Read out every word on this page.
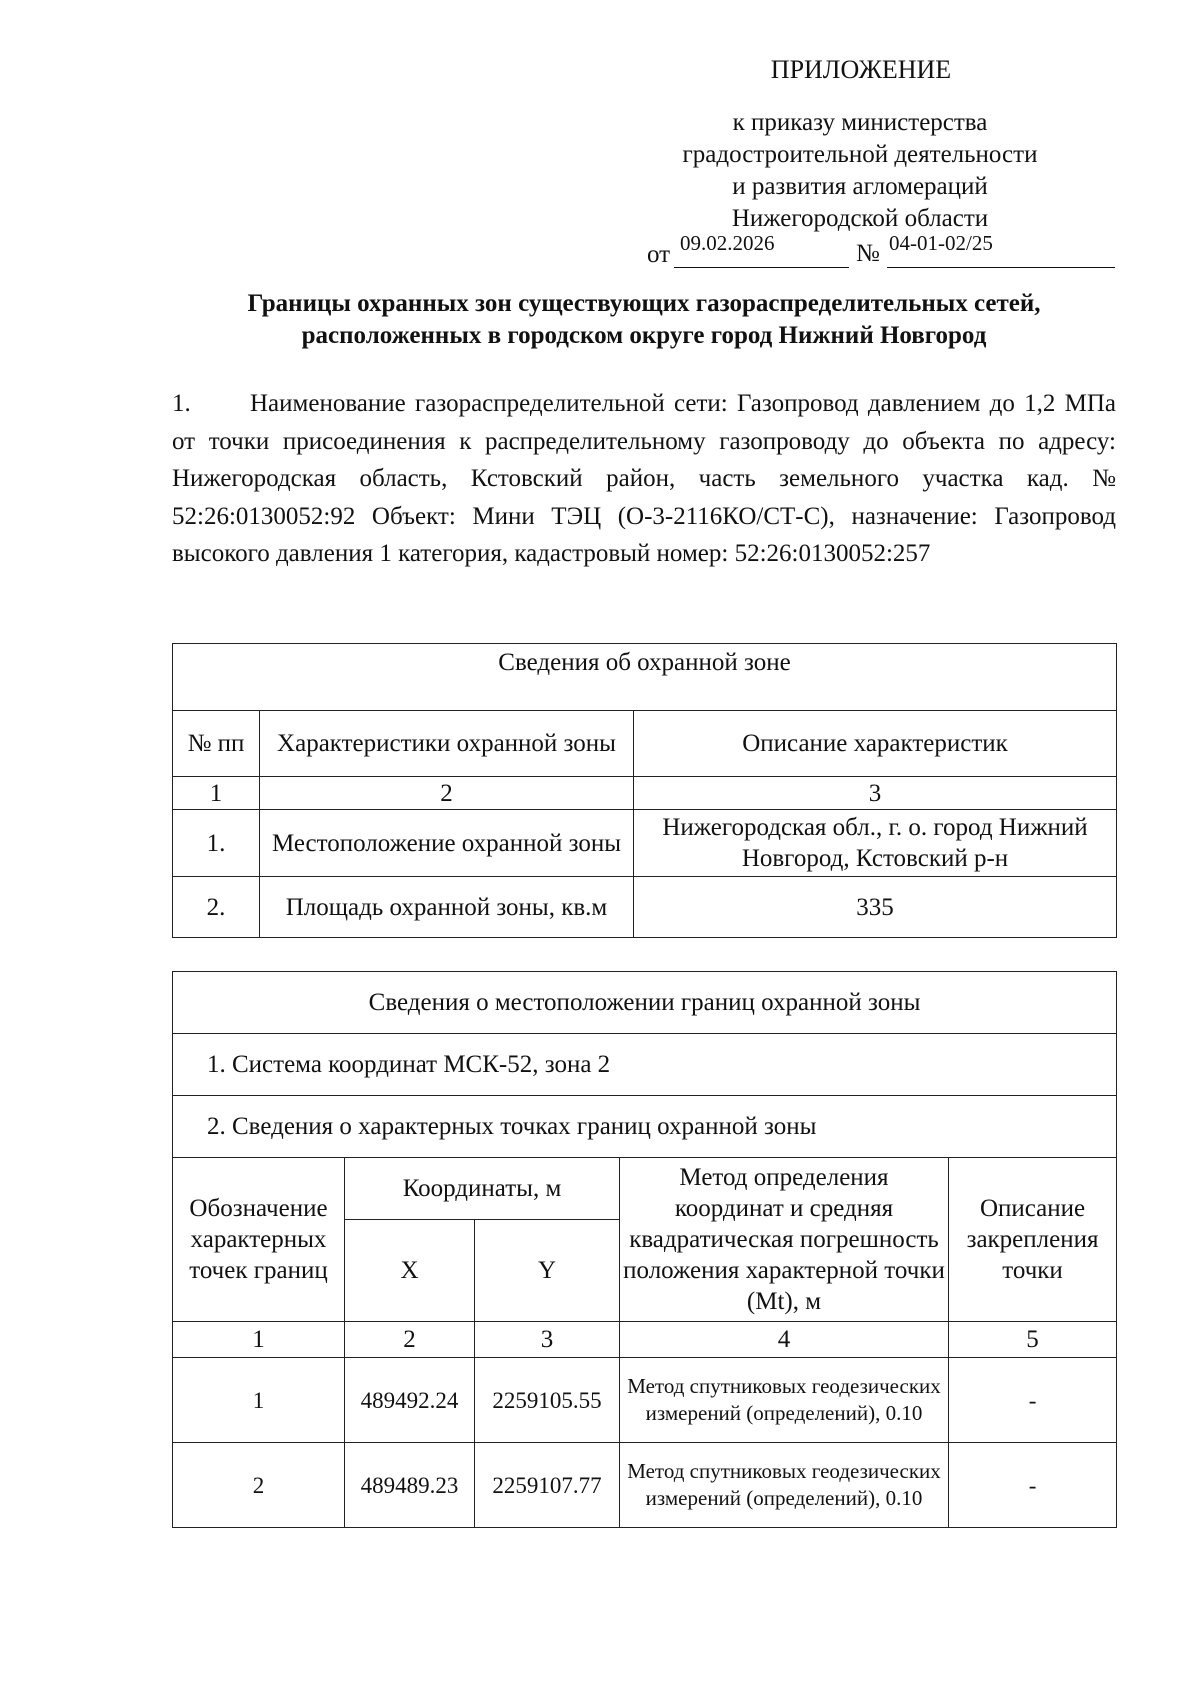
ПРИЛОЖЕНИЕ
к приказу министерства
градостроительной деятельности
и развития агломераций
Нижегородской области
от 09.02.2026	№ 04-01-02/25
Границы охранных зон существующих газораспределительных сетей,
расположенных в городском округе город Нижний Новгород
1. Наименование газораспределительной сети: Газопровод давлением до 1,2 МПа от точки присоединения к распределительному газопроводу до объекта по адресу: Нижегородская область, Кстовский район, часть земельного участка кад. № 52:26:0130052:92 Объект: Мини ТЭЦ (О-3-2116КО/СТ-С), назначение: Газопровод высокого давления 1 категория, кадастровый номер: 52:26:0130052:257
Сведения об охранной зоне		
№ пп	Характеристики охранной зоны	Описание характеристик
1	2	3
1.	Местоположение охранной зоны	Нижегородская обл., г. о. город Нижний Новгород, Кстовский р-н
2.	Площадь охранной зоны, кв.м	335
Сведения о местоположении границ охранной зоны				
1. Система координат МСК-52, зона 2				
2. Сведения о характерных точках границ охранной зоны				
Обозначение характерных точек границ	Координаты, м		Метод определения координат и средняя квадратическая погрешность положения характерной точки (Mt), м	Описание закрепления точки
	X	Y		
1	2	3	4	5
1	489492.24	2259105.55	Метод спутниковых геодезических измерений (определений), 0.10	-
2	489489.23	2259107.77	Метод спутниковых геодезических измерений (определений), 0.10	-
